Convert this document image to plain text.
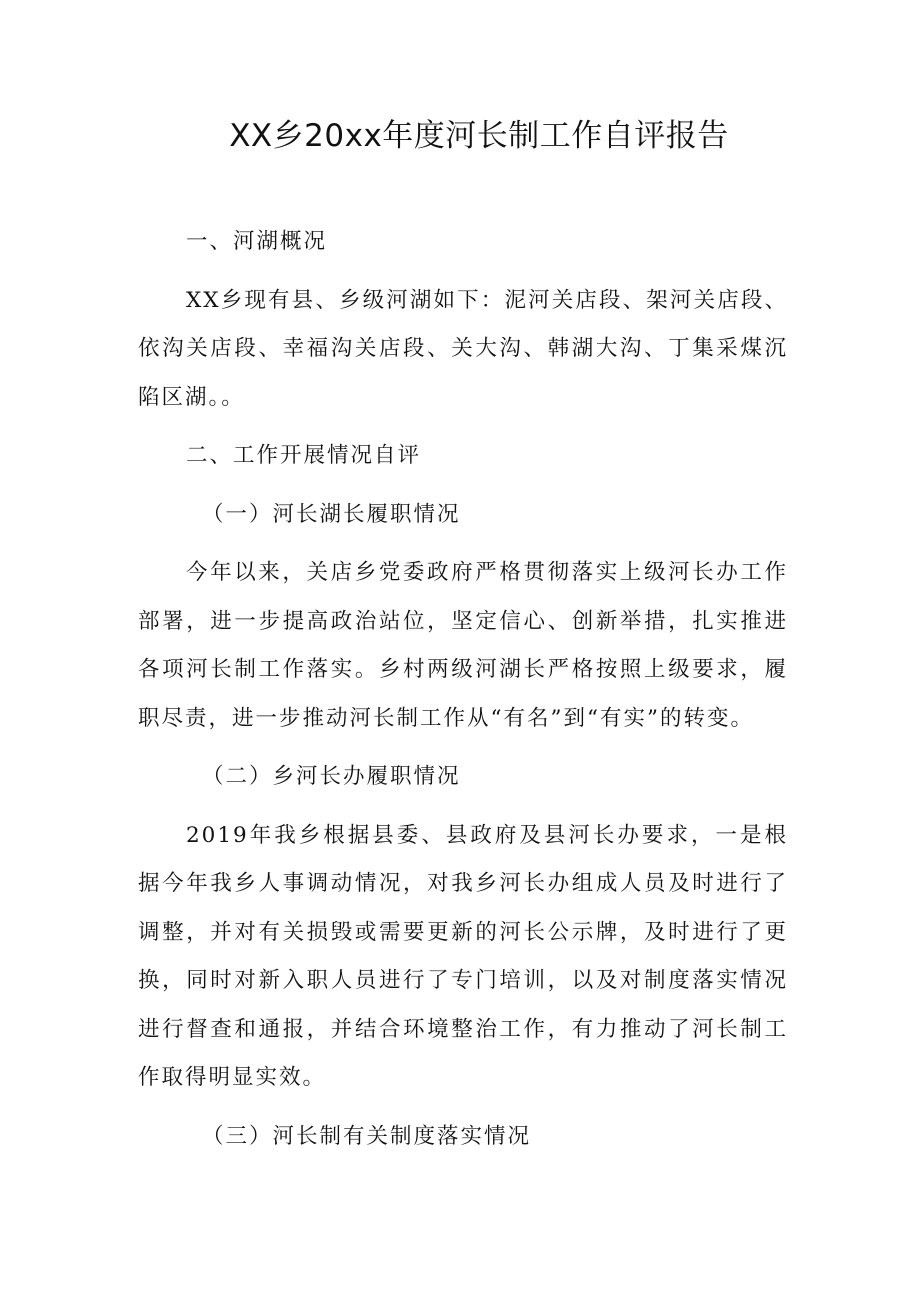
XX乡20xx年度河长制工作自评报告

一、河湖概况

XX乡现有县、乡级河湖如下：泥河关店段、架河关店段、依沟关店段、幸福沟关店段、关大沟、韩湖大沟、丁集采煤沉陷区湖。。

二、工作开展情况自评

（一）河长湖长履职情况

今年以来，关店乡党委政府严格贯彻落实上级河长办工作部署，进一步提高政治站位，坚定信心、创新举措，扎实推进各项河长制工作落实。乡村两级河湖长严格按照上级要求，履职尽责，进一步推动河长制工作从“有名”到“有实”的转变。

（二）乡河长办履职情况

2019年我乡根据县委、县政府及县河长办要求，一是根据今年我乡人事调动情况，对我乡河长办组成人员及时进行了调整，并对有关损毁或需要更新的河长公示牌，及时进行了更换，同时对新入职人员进行了专门培训，以及对制度落实情况进行督查和通报，并结合环境整治工作，有力推动了河长制工作取得明显实效。

（三）河长制有关制度落实情况
